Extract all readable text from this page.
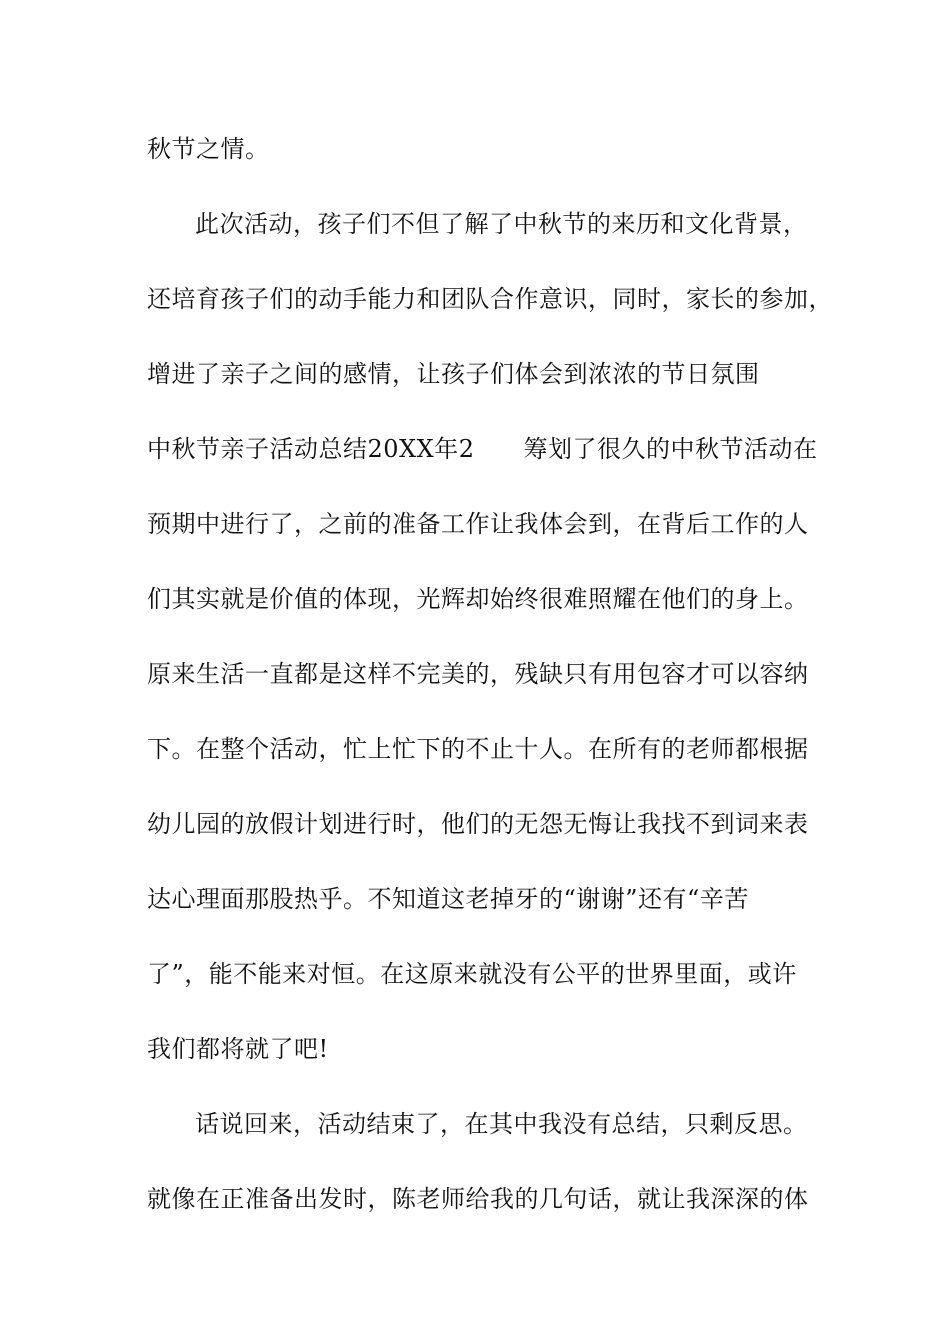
秋节之情。
此次活动，孩子们不但了解了中秋节的来历和文化背景，
还培育孩子们的动手能力和团队合作意识，同时，家长的参加，
增进了亲子之间的感情，让孩子们体会到浓浓的节日氛围
中秋节亲子活动总结20XX年2　　筹划了很久的中秋节活动在
预期中进行了，之前的准备工作让我体会到，在背后工作的人
们其实就是价值的体现，光辉却始终很难照耀在他们的身上。
原来生活一直都是这样不完美的，残缺只有用包容才可以容纳
下。在整个活动，忙上忙下的不止十人。在所有的老师都根据
幼儿园的放假计划进行时，他们的无怨无悔让我找不到词来表
达心理面那股热乎。不知道这老掉牙的“谢谢”还有“辛苦
了”，能不能来对恒。在这原来就没有公平的世界里面，或许
我们都将就了吧!
话说回来，活动结束了，在其中我没有总结，只剩反思。
就像在正准备出发时，陈老师给我的几句话，就让我深深的体
